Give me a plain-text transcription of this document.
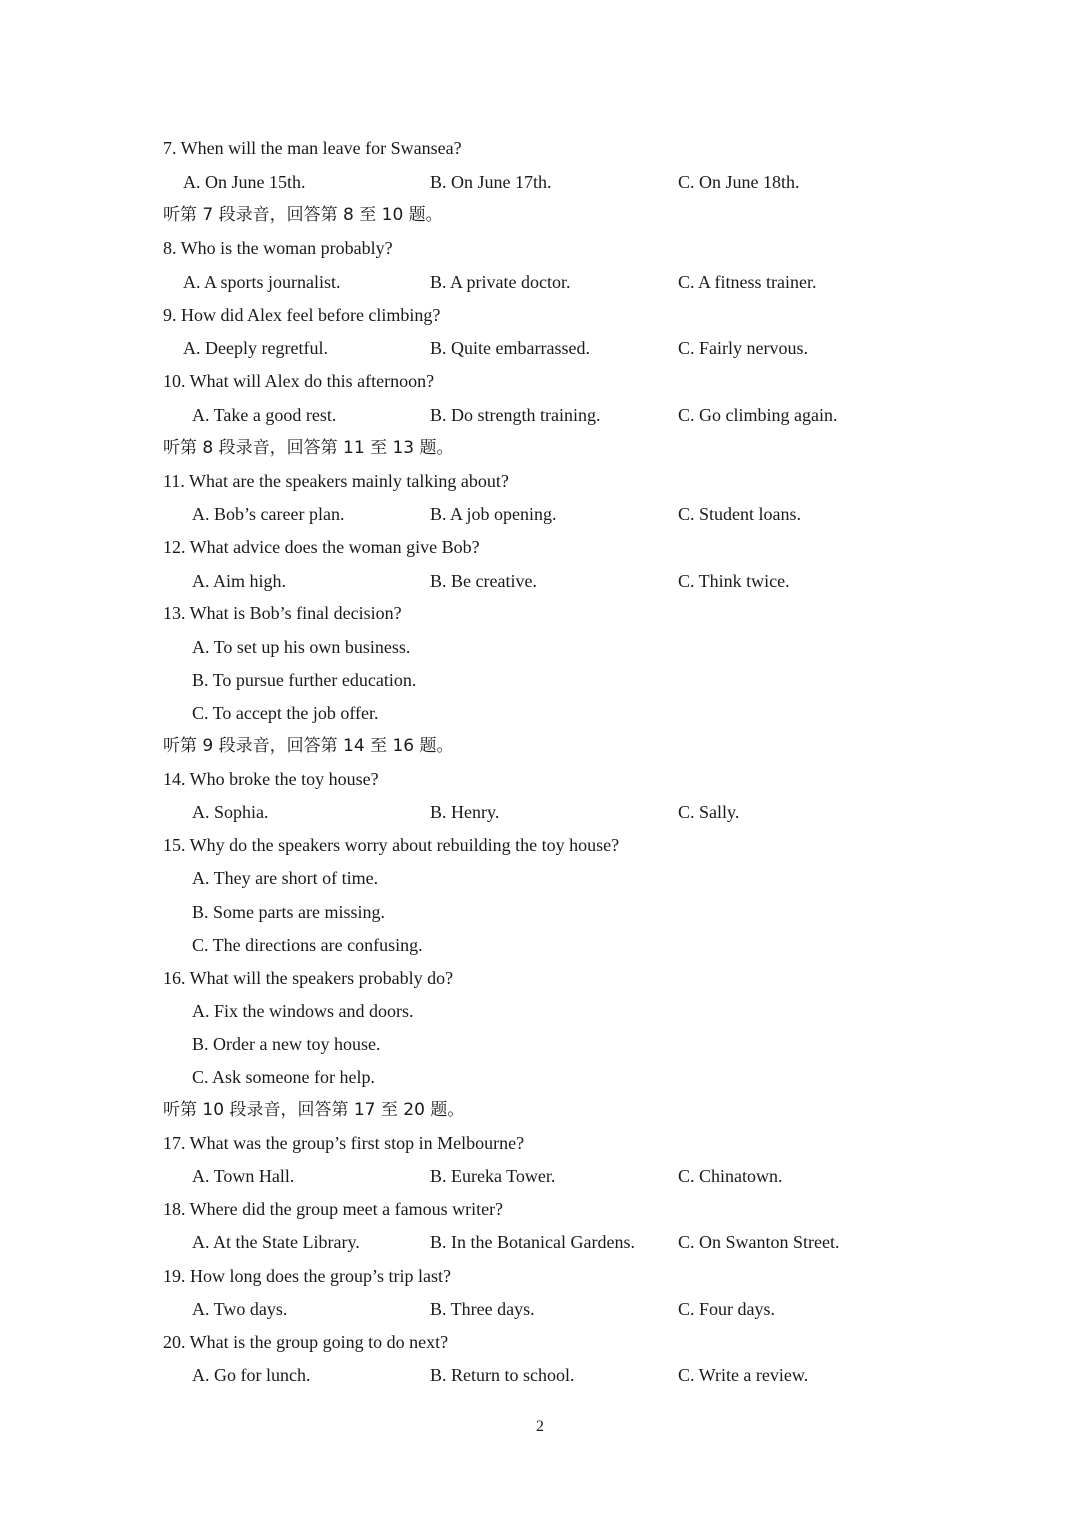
7. When will the man leave for Swansea?
A. On June 15th.	B. On June 17th.	C. On June 18th.
听第 7 段录音，回答第 8 至 10 题。
8. Who is the woman probably?
A. A sports journalist.	B. A private doctor.	C. A fitness trainer.
9. How did Alex feel before climbing?
A. Deeply regretful.	B. Quite embarrassed.	C. Fairly nervous.
10. What will Alex do this afternoon?
A. Take a good rest.	B. Do strength training.	C. Go climbing again.
听第 8 段录音，回答第 11 至 13 题。
11. What are the speakers mainly talking about?
A. Bob’s career plan.	B. A job opening.	C. Student loans.
12. What advice does the woman give Bob?
A. Aim high.	B. Be creative.	C. Think twice.
13. What is Bob’s final decision?
A. To set up his own business.
B. To pursue further education.
C. To accept the job offer.
听第 9 段录音，回答第 14 至 16 题。
14. Who broke the toy house?
A. Sophia.	B. Henry.	C. Sally.
15. Why do the speakers worry about rebuilding the toy house?
A. They are short of time.
B. Some parts are missing.
C. The directions are confusing.
16. What will the speakers probably do?
A. Fix the windows and doors.
B. Order a new toy house.
C. Ask someone for help.
听第 10 段录音，回答第 17 至 20 题。
17. What was the group’s first stop in Melbourne?
A. Town Hall.	B. Eureka Tower.	C. Chinatown.
18. Where did the group meet a famous writer?
A. At the State Library.	B. In the Botanical Gardens. C. On Swanton Street.
19. How long does the group’s trip last?
A. Two days.	B. Three days.	C. Four days.
20. What is the group going to do next?
A. Go for lunch.	B. Return to school.	C. Write a review.
2
